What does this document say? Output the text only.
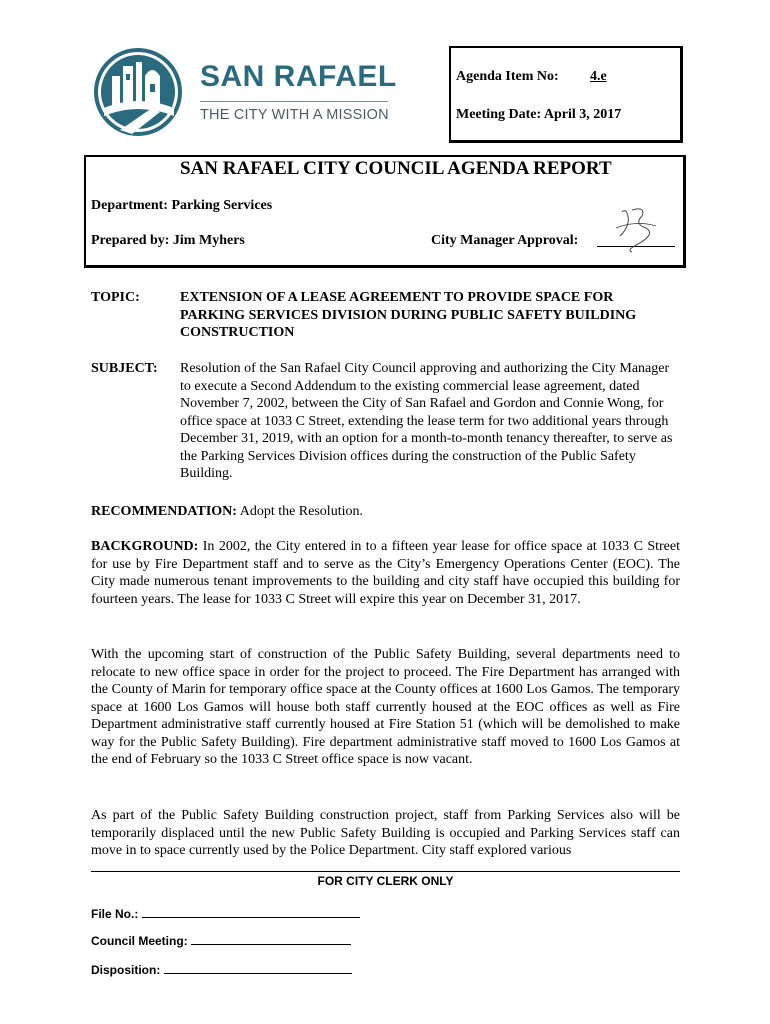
SAN RAFAEL
THE CITY WITH A MISSION
Agenda Item No: 4.e
Meeting Date: April 3, 2017
SAN RAFAEL CITY COUNCIL AGENDA REPORT
Department: Parking Services
Prepared by: Jim Myhers	City Manager Approval:
TOPIC:	EXTENSION OF A LEASE AGREEMENT TO PROVIDE SPACE FOR PARKING SERVICES DIVISION DURING PUBLIC SAFETY BUILDING CONSTRUCTION
SUBJECT: Resolution of the San Rafael City Council approving and authorizing the City Manager to execute a Second Addendum to the existing commercial lease agreement, dated November 7, 2002, between the City of San Rafael and Gordon and Connie Wong, for office space at 1033 C Street, extending the lease term for two additional years through December 31, 2019, with an option for a month-to-month tenancy thereafter, to serve as the Parking Services Division offices during the construction of the Public Safety Building.
RECOMMENDATION: Adopt the Resolution.
BACKGROUND: In 2002, the City entered in to a fifteen year lease for office space at 1033 C Street for use by Fire Department staff and to serve as the City’s Emergency Operations Center (EOC). The City made numerous tenant improvements to the building and city staff have occupied this building for fourteen years. The lease for 1033 C Street will expire this year on December 31, 2017.
With the upcoming start of construction of the Public Safety Building, several departments need to relocate to new office space in order for the project to proceed. The Fire Department has arranged with the County of Marin for temporary office space at the County offices at 1600 Los Gamos. The temporary space at 1600 Los Gamos will house both staff currently housed at the EOC offices as well as Fire Department administrative staff currently housed at Fire Station 51 (which will be demolished to make way for the Public Safety Building). Fire department administrative staff moved to 1600 Los Gamos at the end of February so the 1033 C Street office space is now vacant.
As part of the Public Safety Building construction project, staff from Parking Services also will be temporarily displaced until the new Public Safety Building is occupied and Parking Services staff can move in to space currently used by the Police Department. City staff explored various
FOR CITY CLERK ONLY
File No.:
Council Meeting:
Disposition:
